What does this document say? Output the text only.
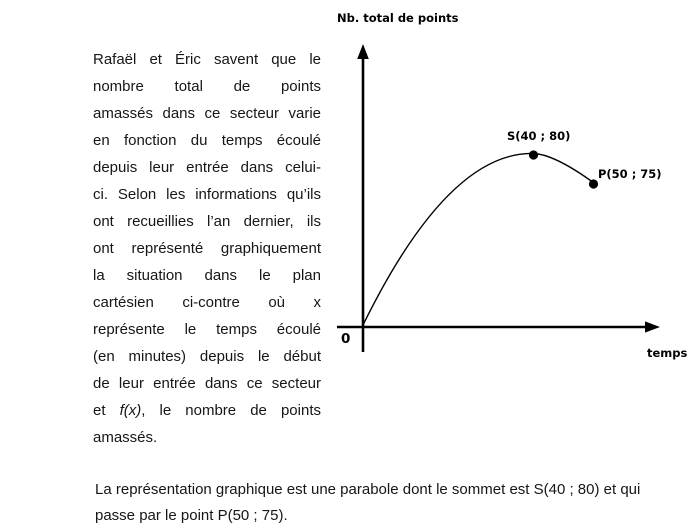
Rafaël et Éric savent que le
nombre total de points
amassés dans ce secteur varie
en fonction du temps écoulé
depuis leur entrée dans celui-
ci. Selon les informations qu’ils
ont recueillies l’an dernier, ils
ont représenté graphiquement
la situation dans le plan
cartésien ci-contre où x
représente le temps écoulé
(en minutes) depuis le début
de leur entrée dans ce secteur
et f(x), le nombre de points
amassés.
Nb. total de points
S(40 ; 80)
P(50 ; 75)
0
temps
La représentation graphique est une parabole dont le sommet est S(40 ; 80) et qui
passe par le point P(50 ; 75).
